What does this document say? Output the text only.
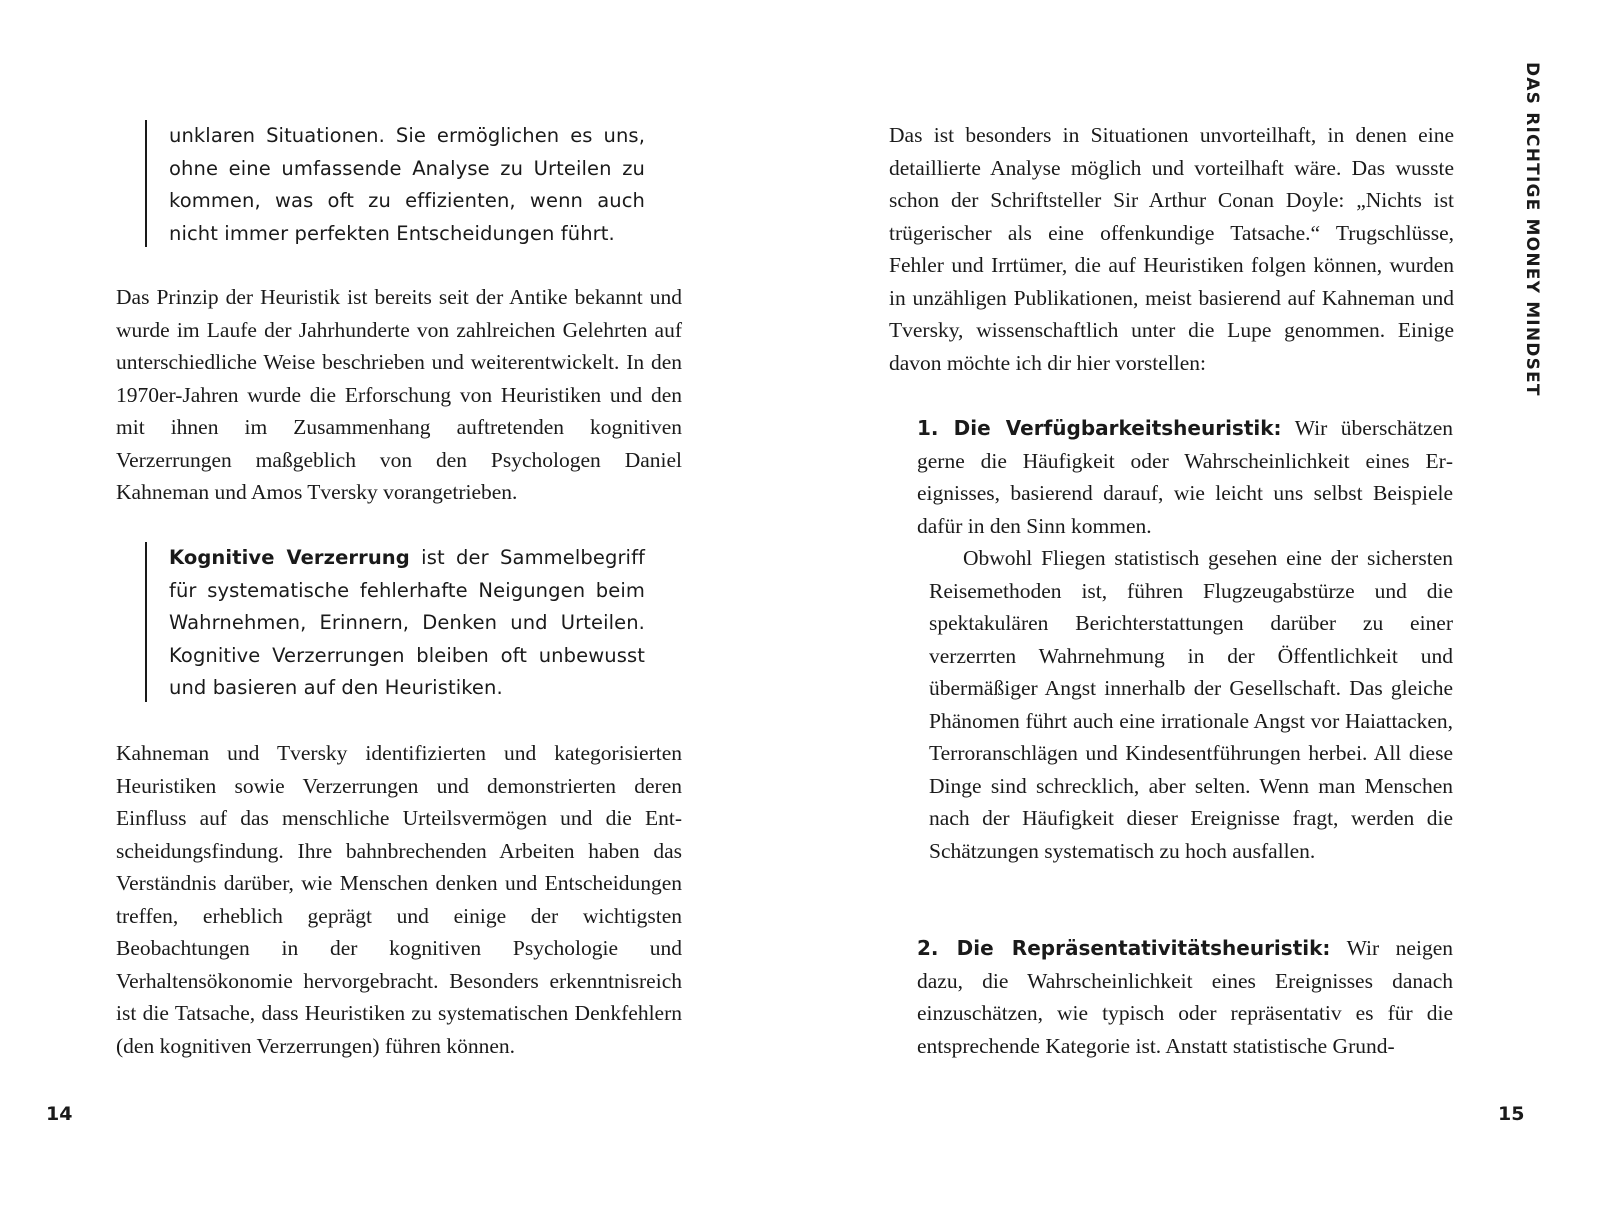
unklaren Situationen. Sie ermöglichen es uns, ohne eine umfassende Analyse zu Urteilen zu kommen, was oft zu effizienten, wenn auch nicht immer perfekten Entscheidungen führt.

Das Prinzip der Heuristik ist bereits seit der Antike bekannt und wurde im Laufe der Jahrhunderte von zahlreichen Gelehrten auf unterschiedliche Weise beschrieben und weiterentwickelt. In den 1970er-Jahren wurde die Erforschung von Heuristiken und den mit ihnen im Zusammenhang auftretenden kognitiven Verzerrungen maßgeblich von den Psychologen Daniel Kahneman und Amos Tversky vorangetrieben.

Kognitive Verzerrung ist der Sammelbegriff für systematische fehlerhafte Neigungen beim Wahrnehmen, Erinnern, Denken und Urteilen. Kognitive Verzerrungen bleiben oft unbewusst und basieren auf den Heuristiken.

Kahneman und Tversky identifizierten und kategorisierten Heuristiken sowie Verzerrungen und demonstrierten deren Einfluss auf das menschliche Urteilsvermögen und die Entscheidungsfindung. Ihre bahnbrechenden Arbeiten haben das Verständnis darüber, wie Menschen denken und Entscheidungen treffen, erheblich geprägt und einige der wichtigsten Beobachtungen in der kognitiven Psychologie und Verhaltensökonomie hervorgebracht. Besonders erkenntnisreich ist die Tatsache, dass Heuristiken zu systematischen Denkfehlern (den kognitiven Verzerrungen) führen können.

14
DAS RICHTIGE MONEY MINDSET

Das ist besonders in Situationen unvorteilhaft, in denen eine detaillierte Analyse möglich und vorteilhaft wäre. Das wusste schon der Schriftsteller Sir Arthur Conan Doyle: „Nichts ist trügerischer als eine offenkundige Tatsache.“ Trugschlüsse, Fehler und Irrtümer, die auf Heuristiken folgen können, wurden in unzähligen Publikationen, meist basierend auf Kahneman und Tversky, wissenschaftlich unter die Lupe genommen. Einige davon möchte ich dir hier vorstellen:

1. Die Verfügbarkeitsheuristik: Wir überschätzen gerne die Häufigkeit oder Wahrscheinlichkeit eines Ereignisses, basierend darauf, wie leicht uns selbst Beispiele dafür in den Sinn kommen.

Obwohl Fliegen statistisch gesehen eine der sichersten Reisemethoden ist, führen Flugzeugabstürze und die spektakulären Berichterstattungen darüber zu einer verzerrten Wahrnehmung in der Öffentlichkeit und übermäßiger Angst innerhalb der Gesellschaft. Das gleiche Phänomen führt auch eine irrationale Angst vor Haiattacken, Terroranschlägen und Kindesentführungen herbei. All diese Dinge sind schrecklich, aber selten. Wenn man Menschen nach der Häufigkeit dieser Ereignisse fragt, werden die Schätzungen systematisch zu hoch ausfallen.

2. Die Repräsentativitätsheuristik: Wir neigen dazu, die Wahrscheinlichkeit eines Ereignisses danach einzuschätzen, wie typisch oder repräsentativ es für die entsprechende Kategorie ist. Anstatt statistische Grund-

15
